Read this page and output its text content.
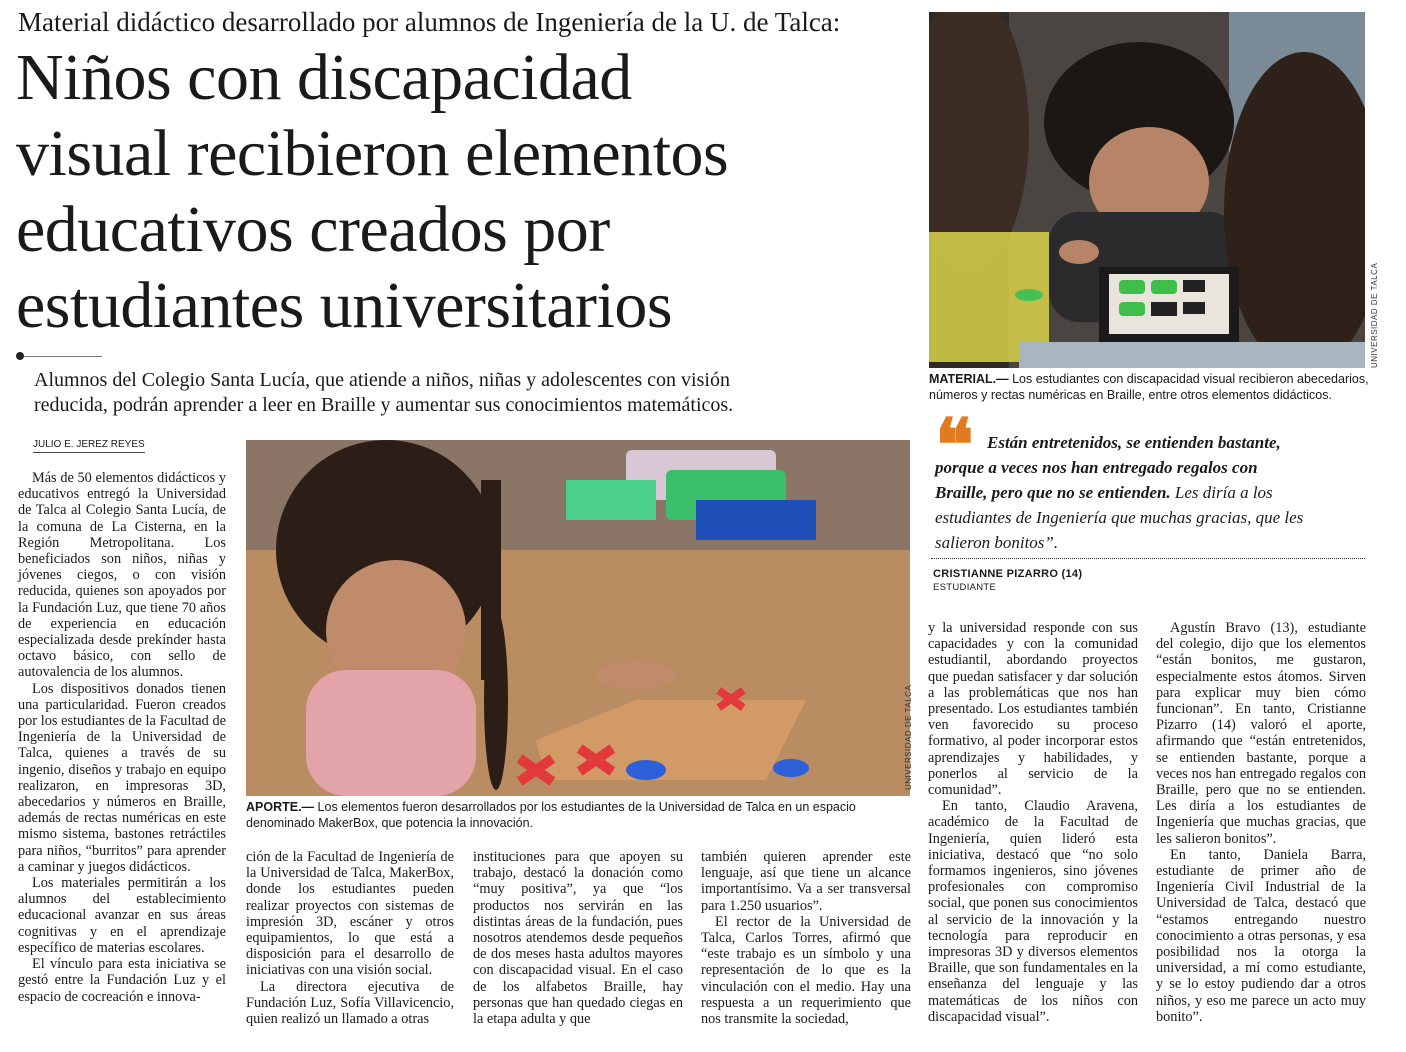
Material didáctico desarrollado por alumnos de Ingeniería de la U. de Talca:
Niños con discapacidad
visual recibieron elementos
educativos creados por
estudiantes universitarios
Alumnos del Colegio Santa Lucía, que atiende a niños, niñas y adolescentes con visión
reducida, podrán aprender a leer en Braille y aumentar sus conocimientos matemáticos.
JULIO E. JEREZ REYES
UNIVERSIDAD DE TALCA
MATERIAL.— Los estudiantes con discapacidad visual recibieron abecedarios, números y rectas numéricas en Braille, entre otros elementos didácticos.
❝ Están entretenidos, se entienden bastante,
porque a veces nos han entregado regalos con
Braille, pero que no se entienden. Les diría a los
estudiantes de Ingeniería que muchas gracias, que les
salieron bonitos”.
CRISTIANNE PIZARRO (14)
ESTUDIANTE
UNIVERSIDAD DE TALCA
APORTE.— Los elementos fueron desarrollados por los estudiantes de la Universidad de Talca en un espacio denominado MakerBox, que potencia la innovación.

Más de 50 elementos didácticos y educativos entregó la Universidad de Talca al Colegio Santa Lucía, de la comuna de La Cisterna, en la Región Metropolitana. Los beneficiados son niños, niñas y jóvenes ciegos, o con visión reducida, quienes son apoyados por la Fundación Luz, que tiene 70 años de experiencia en educación especializada desde prekínder hasta octavo básico, con sello de autovalencia de los alumnos.

Los dispositivos donados tienen una particularidad. Fueron creados por los estudiantes de la Facultad de Ingeniería de la Universidad de Talca, quienes a través de su ingenio, diseños y trabajo en equipo realizaron, en impresoras 3D, abecedarios y números en Braille, además de rectas numéricas en este mismo sistema, bastones retráctiles para niños, “burritos” para aprender a caminar y juegos didácticos.

Los materiales permitirán a los alumnos del establecimiento educacional avanzar en sus áreas cognitivas y en el aprendizaje específico de materias escolares.

El vínculo para esta iniciativa se gestó entre la Fundación Luz y el espacio de cocreación e innova-

ción de la Facultad de Ingeniería de la Universidad de Talca, MakerBox, donde los estudiantes pueden realizar proyectos con sistemas de impresión 3D, escáner y otros equipamientos, lo que está a disposición para el desarrollo de iniciativas con una visión social.

La directora ejecutiva de Fundación Luz, Sofía Villavicencio, quien realizó un llamado a otras

instituciones para que apoyen su trabajo, destacó la donación como “muy positiva”, ya que “los productos nos servirán en las distintas áreas de la fundación, pues nosotros atendemos desde pequeños de dos meses hasta adultos mayores con discapacidad visual. En el caso de los alfabetos Braille, hay personas que han quedado ciegas en la etapa adulta y que

también quieren aprender este lenguaje, así que tiene un alcance importantísimo. Va a ser transversal para 1.250 usuarios”.

El rector de la Universidad de Talca, Carlos Torres, afirmó que “este trabajo es un símbolo y una representación de lo que es la vinculación con el medio. Hay una respuesta a un requerimiento que nos transmite la sociedad,

y la universidad responde con sus capacidades y con la comunidad estudiantil, abordando proyectos que puedan satisfacer y dar solución a las problemáticas que nos han presentado. Los estudiantes también ven favorecido su proceso formativo, al poder incorporar estos aprendizajes y habilidades, y ponerlos al servicio de la comunidad”.

En tanto, Claudio Aravena, académico de la Facultad de Ingeniería, quien lideró esta iniciativa, destacó que “no solo formamos ingenieros, sino jóvenes profesionales con compromiso social, que ponen sus conocimientos al servicio de la innovación y la tecnología para reproducir en impresoras 3D y diversos elementos Braille, que son fundamentales en la enseñanza del lenguaje y las matemáticas de los niños con discapacidad visual”.

Agustín Bravo (13), estudiante del colegio, dijo que los elementos “están bonitos, me gustaron, especialmente estos átomos. Sirven para explicar muy bien cómo funcionan”. En tanto, Cristianne Pizarro (14) valoró el aporte, afirmando que “están entretenidos, se entienden bastante, porque a veces nos han entregado regalos con Braille, pero que no se entienden. Les diría a los estudiantes de Ingeniería que muchas gracias, que les salieron bonitos”.

En tanto, Daniela Barra, estudiante de primer año de Ingeniería Civil Industrial de la Universidad de Talca, destacó que “estamos entregando nuestro conocimiento a otras personas, y esa posibilidad nos la otorga la universidad, a mí como estudiante, y se lo estoy pudiendo dar a otros niños, y eso me parece un acto muy bonito”.
